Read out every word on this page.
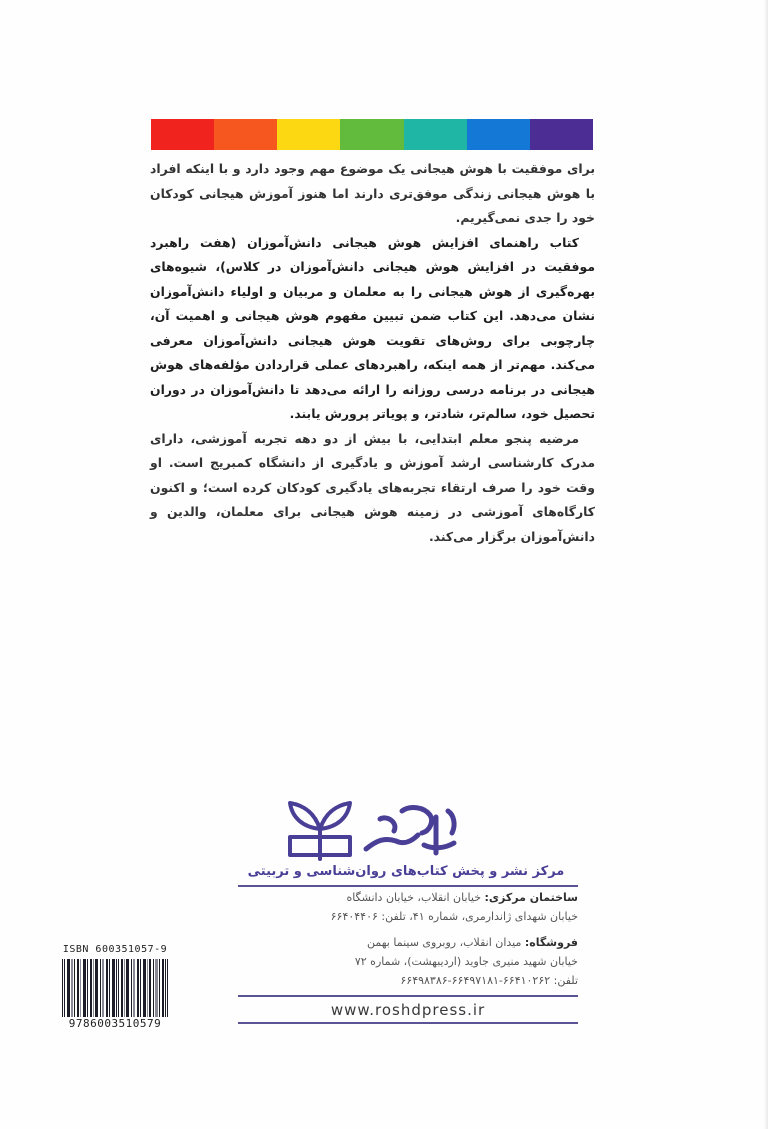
برای موفقیت با هوش هیجانی یک موضوع مهم وجود دارد و با اینکه افراد با هوش هیجانی زندگی موفق‌تری دارند اما هنوز آموزش هیجانی کودکان خود را جدی نمی‌گیریم.

کتاب راهنمای افزایش هوش هیجانی دانش‌آموزان (هفت راهبرد موفقیت در افزایش هوش هیجانی دانش‌آموزان در کلاس)، شیوه‌های بهره‌گیری از هوش هیجانی را به معلمان و مربیان و اولیاء دانش‌آموزان نشان می‌دهد. این کتاب ضمن تبیین مفهوم هوش هیجانی و اهمیت آن، چارچوبی برای روش‌های تقویت هوش هیجانی دانش‌آموزان معرفی می‌کند. مهم‌تر از همه اینکه، راهبردهای عملی قراردادن مؤلفه‌های هوش هیجانی در برنامه درسی روزانه را ارائه می‌دهد تا دانش‌آموزان در دوران تحصیل خود، سالم‌تر، شادتر، و پویاتر پرورش یابند.

مرضیه پنجو معلم ابتدایی، با بیش از دو دهه تجربه آموزشی، دارای مدرک کارشناسی ارشد آموزش و یادگیری از دانشگاه کمبریج است. او وقت خود را صرف ارتقاء تجربه‌های یادگیری کودکان کرده است؛ و اکنون کارگاه‌های آموزشی در زمینه هوش هیجانی برای معلمان، والدین و دانش‌آموزان برگزار می‌کند.

مرکز نشر و پخش کتاب‌های روان‌شناسی و تربیتی
ساختمان مرکزی: خیابان انقلاب، خیابان دانشگاه
خیابان شهدای ژاندارمری، شماره ۴۱، تلفن: ۶۶۴۰۴۴۰۶
فروشگاه: میدان انقلاب، روبروی سینما بهمن
خیابان شهید منیری جاوید (اردیبهشت)، شماره ۷۲
تلفن: ۶۶۴۱۰۲۶۲-۶۶۴۹۷۱۸۱-۶۶۴۹۸۳۸۶
www.roshdpress.ir
ISBN 600351057-9
9786003510579
